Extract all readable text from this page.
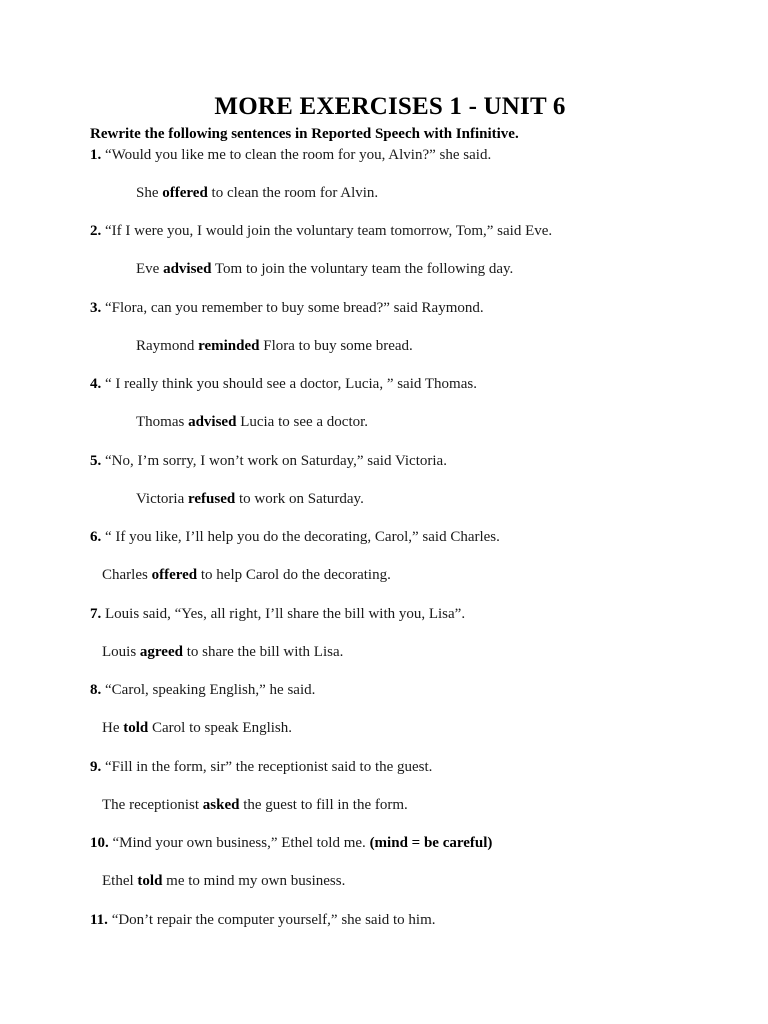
MORE EXERCISES 1 - UNIT 6
Rewrite the following sentences in Reported Speech with Infinitive.
1. “Would you like me to clean the room for you, Alvin?” she said.
She offered to clean the room for Alvin.
2. “If I were you, I would join the voluntary team tomorrow, Tom,” said Eve.
Eve advised Tom to join the voluntary team the following day.
3. “Flora, can you remember to buy some bread?” said Raymond.
Raymond reminded Flora to buy some bread.
4. “ I really think you should see a doctor, Lucia, ” said Thomas.
Thomas advised Lucia to see a doctor.
5. “No, I’m sorry, I won’t work on Saturday,” said Victoria.
Victoria refused to work on Saturday.
6. “ If you like, I’ll help you do the decorating, Carol,” said Charles.
Charles offered to help Carol do the decorating.
7. Louis said, “Yes, all right, I’ll share the bill with you, Lisa”.
Louis agreed to share the bill with Lisa.
8. “Carol, speaking English,” he said.
He told Carol to speak English.
9. “Fill in the form, sir” the receptionist said to the guest.
The receptionist asked the guest to fill in the form.
10. “Mind your own business,” Ethel told me. (mind = be careful)
Ethel told me to mind my own business.
11. “Don’t repair the computer yourself,” she said to him.
